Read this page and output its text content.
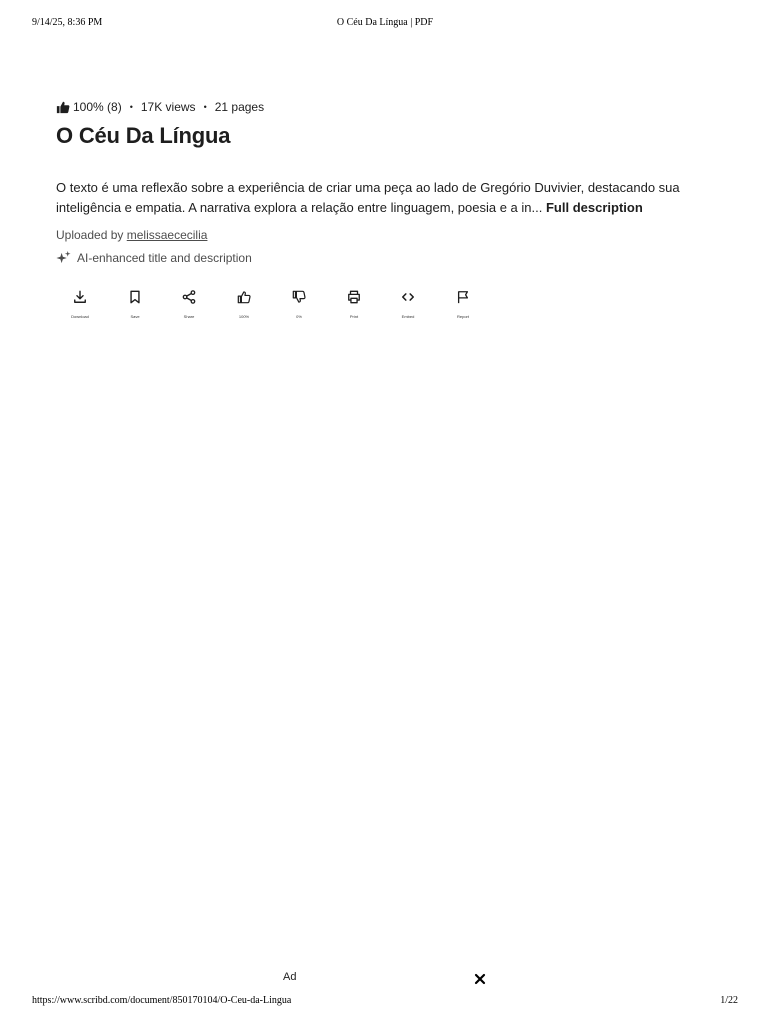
9/14/25, 8:36 PM	O Céu Da Língua | PDF
100% (8) • 17K views • 21 pages
O Céu Da Língua

O texto é uma reflexão sobre a experiência de criar uma peça ao lado de Gregório Duvivier, destacando sua inteligência e empatia. A narrativa explora a relação entre linguagem, poesia e a in... Full description

Uploaded by melissaececilia
AI-enhanced title and description
Download	Save	Share	100%	0%	Print	Embed	Report
Ad
https://www.scribd.com/document/850170104/O-Ceu-da-Lingua	1/22
